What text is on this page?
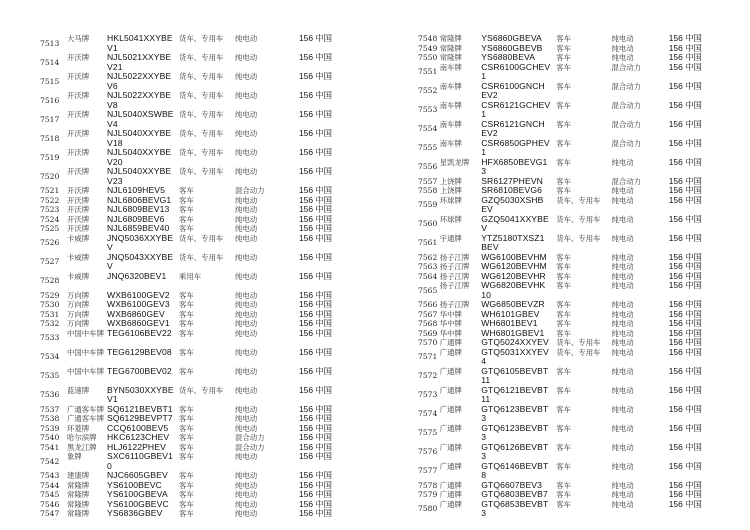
7513	大马牌	HKL5041XXYBE
V1
货车、专用车	纯电动	156 中国
7514	开沃牌	NJL5021XXYBE
V21
货车、专用车	纯电动	156 中国
7515	开沃牌	NJL5022XXYBE
V6
货车、专用车	纯电动	156 中国
7516	开沃牌	NJL5022XXYBE
V8
货车、专用车	纯电动	156 中国
7517	开沃牌	NJL5040XSWBE
V4
货车、专用车	纯电动	156 中国
7518	开沃牌	NJL5040XXYBE
V18
货车、专用车	纯电动	156 中国
7519	开沃牌	NJL5040XXYBE
V20
货车、专用车	纯电动	156 中国
7520	开沃牌	NJL5040XXYBE
V23
货车、专用车	纯电动	156 中国
7521	开沃牌	NJL6109HEV5	客车	混合动力	156 中国
7522	开沃牌	NJL6806BEVG1	客车	纯电动	156 中国
7523	开沃牌	NJL6809BEV13	客车	纯电动	156 中国
7524	开沃牌	NJL6809BEV6	客车	纯电动	156 中国
7525	开沃牌	NJL6859BEV40	客车	纯电动	156 中国
7526	卡威牌	JNQ5036XXYBE
V
货车、专用车	纯电动	156 中国
7527	卡威牌	JNQ5043XXYBE
V
货车、专用车	纯电动	156 中国
7528	卡威牌	JNQ6320BEV1	乘用车	纯电动	156 中国
7529	万向牌	WXB6100GEV2	客车	纯电动	156 中国
7530	万向牌	WXB6100GEV3	客车	纯电动	156 中国
7531	万向牌	WXB6860GEV	客车	纯电动	156 中国
7532	万向牌	WXB6860GEV1	客车	纯电动	156 中国
7533	中国中车牌 TEG6106BEV22 客车	纯电动	156 中国
7534	中国中车牌 TEG6129BEV08 客车	纯电动	156 中国
7535	中国中车牌 TEG6700BEV02 客车	纯电动	156 中国
7536	蓝速牌	BYN5030XXYBE
V1
货车、专用车	纯电动	156 中国
7537	广通客车牌 SQ6121BEVBT1 客车	纯电动	156 中国
7538	广通客车牌 SQ6129BEVPT7 客车	纯电动	156 中国
7539	环菱牌	CCQ6100BEV5	客车	纯电动	156 中国
7540	哈尔滨牌	HKC6123CHEV	客车	混合动力	156 中国
7541	黑龙江牌	HLJ6122PHEV	客车	混合动力	156 中国
7542	象牌	SXC6110GBEV1
0
客车	纯电动	156 中国
7543	建康牌	NJC6605GBEV	客车	纯电动	156 中国
7544	常隆牌	YS6100BEVC	客车	纯电动	156 中国
7545	常隆牌	YS6100GBEVA	客车	纯电动	156 中国
7546	常隆牌	YS6100GBEVC	客车	纯电动	156 中国
7547	常隆牌	YS6836GBEV	客车	纯电动	156 中国
7548 常隆牌	YS6860GBEVA	客车	纯电动	156 中国
7549 常隆牌	YS6860GBEVB	客车	纯电动	156 中国
7550 常隆牌	YS6880BEVA	客车	纯电动	156 中国
7551 南车牌	CSR6100GCHEV
1
客车	混合动力	156 中国
7552 南车牌	CSR6100GNCH
EV2
客车	混合动力	156 中国
7553 南车牌	CSR6121GCHEV
1
客车	混合动力	156 中国
7554 南车牌	CSR6121GNCH
EV2
客车	混合动力	156 中国
7555 南车牌	CSR6850GPHEV
1
客车	混合动力	156 中国
7556 星凯龙牌	HFX6850BEVG1
3
客车	纯电动	156 中国
7557 上饶牌	SR6127PHEVN	客车	混合动力	156 中国
7558 上饶牌	SR6810BEVG6	客车	纯电动	156 中国
7559 环球牌	GZQ5030XSHB
EV
货车、专用车	纯电动	156 中国
7560 环球牌	GZQ5041XXYBE
V
货车、专用车	纯电动	156 中国
7561 宇通牌	YTZ5180TXSZ1
BEV
货车、专用车	纯电动	156 中国
7562 扬子江牌	WG6100BEVHM	客车	纯电动	156 中国
7563 扬子江牌	WG6120BEVHM	客车	纯电动	156 中国
7564 扬子江牌	WG6120BEVHR	客车	纯电动	156 中国
7565 扬子江牌	WG6820BEVHK
10
客车	纯电动	156 中国
7566 扬子江牌	WG6850BEVZR	客车	纯电动	156 中国
7567 华中牌	WH6101GBEV	客车	纯电动	156 中国
7568 华中牌	WH6801BEV1	客车	纯电动	156 中国
7569 华中牌	WH6801GBEV1	客车	纯电动	156 中国
7570 广通牌	GTQ5024XXYEV	货车、专用车	纯电动	156 中国
7571 广通牌	GTQ5031XXYEV
4
货车、专用车	纯电动	156 中国
7572 广通牌	GTQ6105BEVBT
11
客车	纯电动	156 中国
7573 广通牌	GTQ6121BEVBT
11
客车	纯电动	156 中国
7574 广通牌	GTQ6123BEVBT
3
客车	纯电动	156 中国
7575 广通牌	GTQ6123BEVBT
3
客车	纯电动	156 中国
7576 广通牌	GTQ6126BEVBT
3
客车	纯电动	156 中国
7577 广通牌	GTQ6146BEVBT
8
客车	纯电动	156 中国
7578 广通牌	GTQ6607BEV3	客车	纯电动	156 中国
7579 广通牌	GTQ6803BEVB7	客车	纯电动	156 中国
7580 广通牌	GTQ6853BEVBT
3
客车	纯电动	156 中国
